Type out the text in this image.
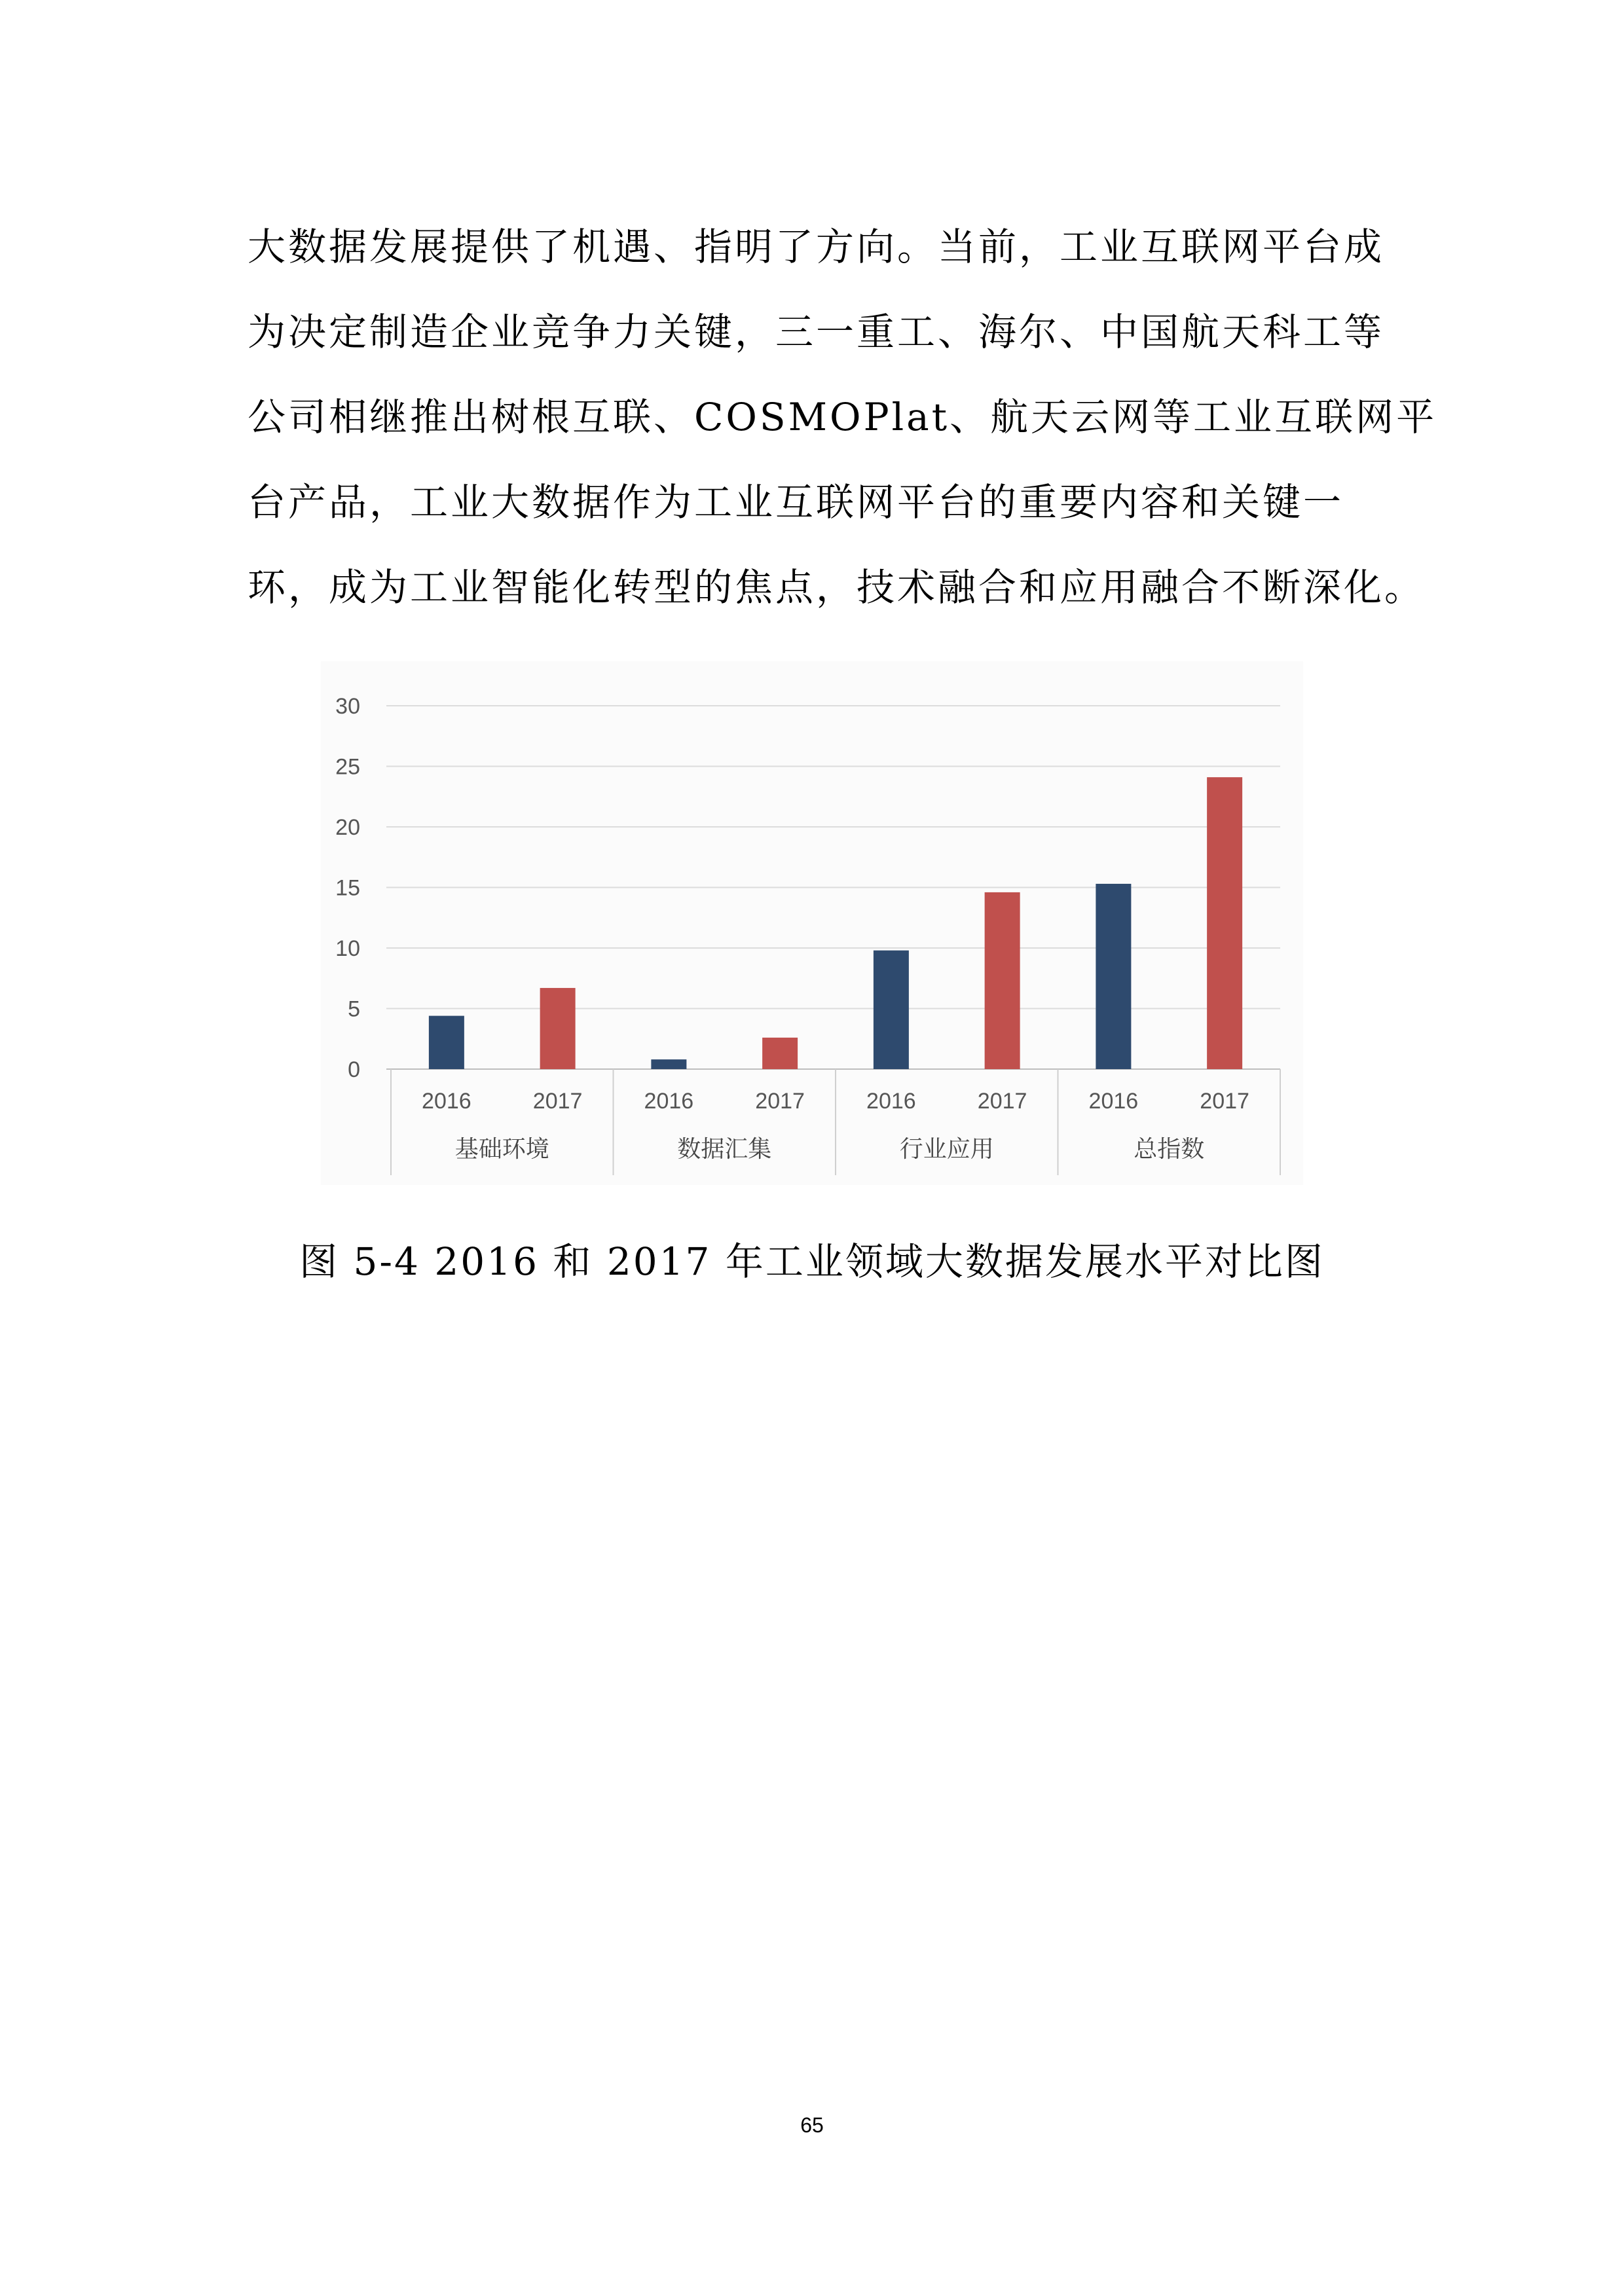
大数据发展提供了机遇、指明了方向。当前，工业互联网平台成
为决定制造企业竞争力关键，三一重工、海尔、中国航天科工等
公司相继推出树根互联、COSMOPlat、航天云网等工业互联网平
台产品，工业大数据作为工业互联网平台的重要内容和关键一
环，成为工业智能化转型的焦点，技术融合和应用融合不断深化。
0
5
10
15
20
25
30
2016	2017
基础环境
2016	2017
数据汇集
2016	2017
行业应用
2016	2017
总指数
图 5-4 2016 和 2017 年工业领域大数据发展水平对比图
65
